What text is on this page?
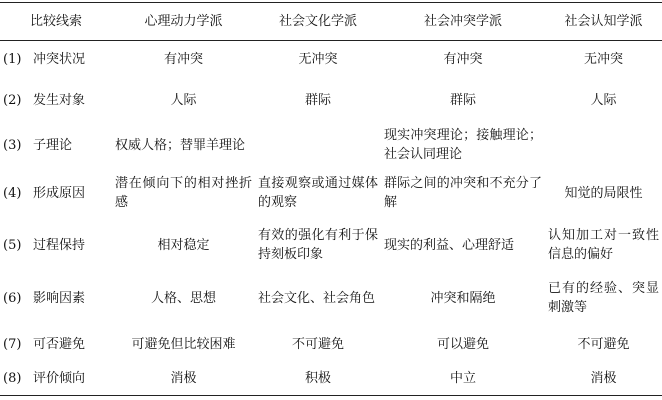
比较线索	心理动力学派	社会文化学派	社会冲突学派	社会认知学派
(1) 冲突状况	有冲突	无冲突	有冲突	无冲突
(2) 发生对象	人际	群际	群际	人际
(3) 子理论	权威人格；替罪羊理论		现实冲突理论；接触理论；社会认同理论	
(4) 形成原因	潜在倾向下的相对挫折感	直接观察或通过媒体的观察	群际之间的冲突和不充分了解	知觉的局限性
(5) 过程保持	相对稳定	有效的强化有利于保持刻板印象	现实的利益、心理舒适	认知加工对一致性信息的偏好
(6) 影响因素	人格、思想	社会文化、社会角色	冲突和隔绝	已有的经验、突显刺激等
(7) 可否避免	可避免但比较困难	不可避免	可以避免	不可避免
(8) 评价倾向	消极	积极	中立	消极
